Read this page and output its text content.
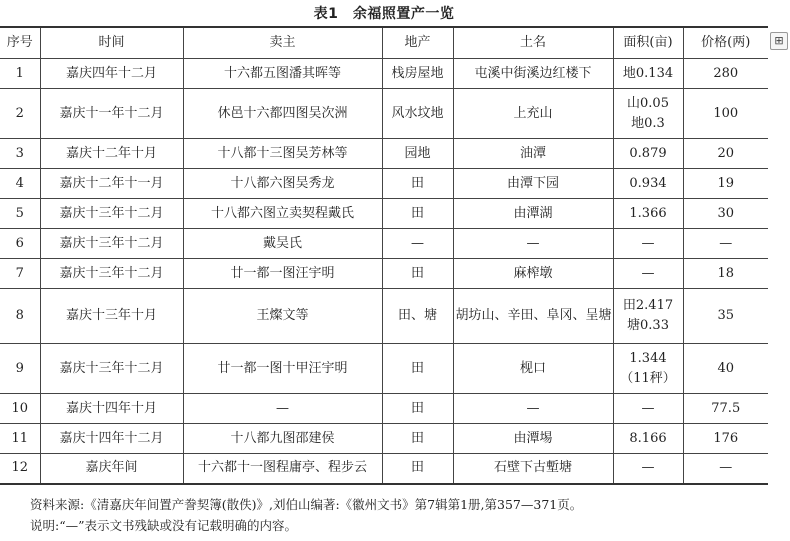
表1　余福照置产一览
序号	时间	卖主	地产	土名	面积(亩)	价格(两)
1	嘉庆四年十二月	十六都五图潘其晖等	栈房屋地	屯溪中街溪边红楼下	地0.134	280
2	嘉庆十一年十二月	休邑十六都四图吴次洲	风水坟地	上充山	山0.05
地0.3	100
3	嘉庆十二年十月	十八都十三图吴芳林等	园地	油潭	0.879	20
4	嘉庆十二年十一月	十八都六图吴秀龙	田	由潭下园	0.934	19
5	嘉庆十三年十二月	十八都六图立卖契程戴氏	田	由潭湖	1.366	30
6	嘉庆十三年十二月	戴吴氏	—	—	—	—
7	嘉庆十三年十二月	廿一都一图汪宇明	田	麻榨墩	—	18
8	嘉庆十三年十月	王燦文等	田、塘	胡坊山、辛田、阜冈、呈塘	田2.417
塘0.33	35
9	嘉庆十三年十二月	廿一都一图十甲汪宇明	田	枧口	1.344
（11秤）	40
10	嘉庆十四年十月	—	田	—	—	77.5
11	嘉庆十四年十二月	十八都九图邵建侯	田	由潭埸	8.166	176
12	嘉庆年间	十六都十一图程庸亭、程步云	田	石壁下古塹塘	—	—
资料来源:《清嘉庆年间置产誊契簿(散佚)》,刘伯山编著:《徽州文书》第7辑第1册,第357—371页。
说明:“—”表示文书残缺或没有记载明确的内容。
⊞
